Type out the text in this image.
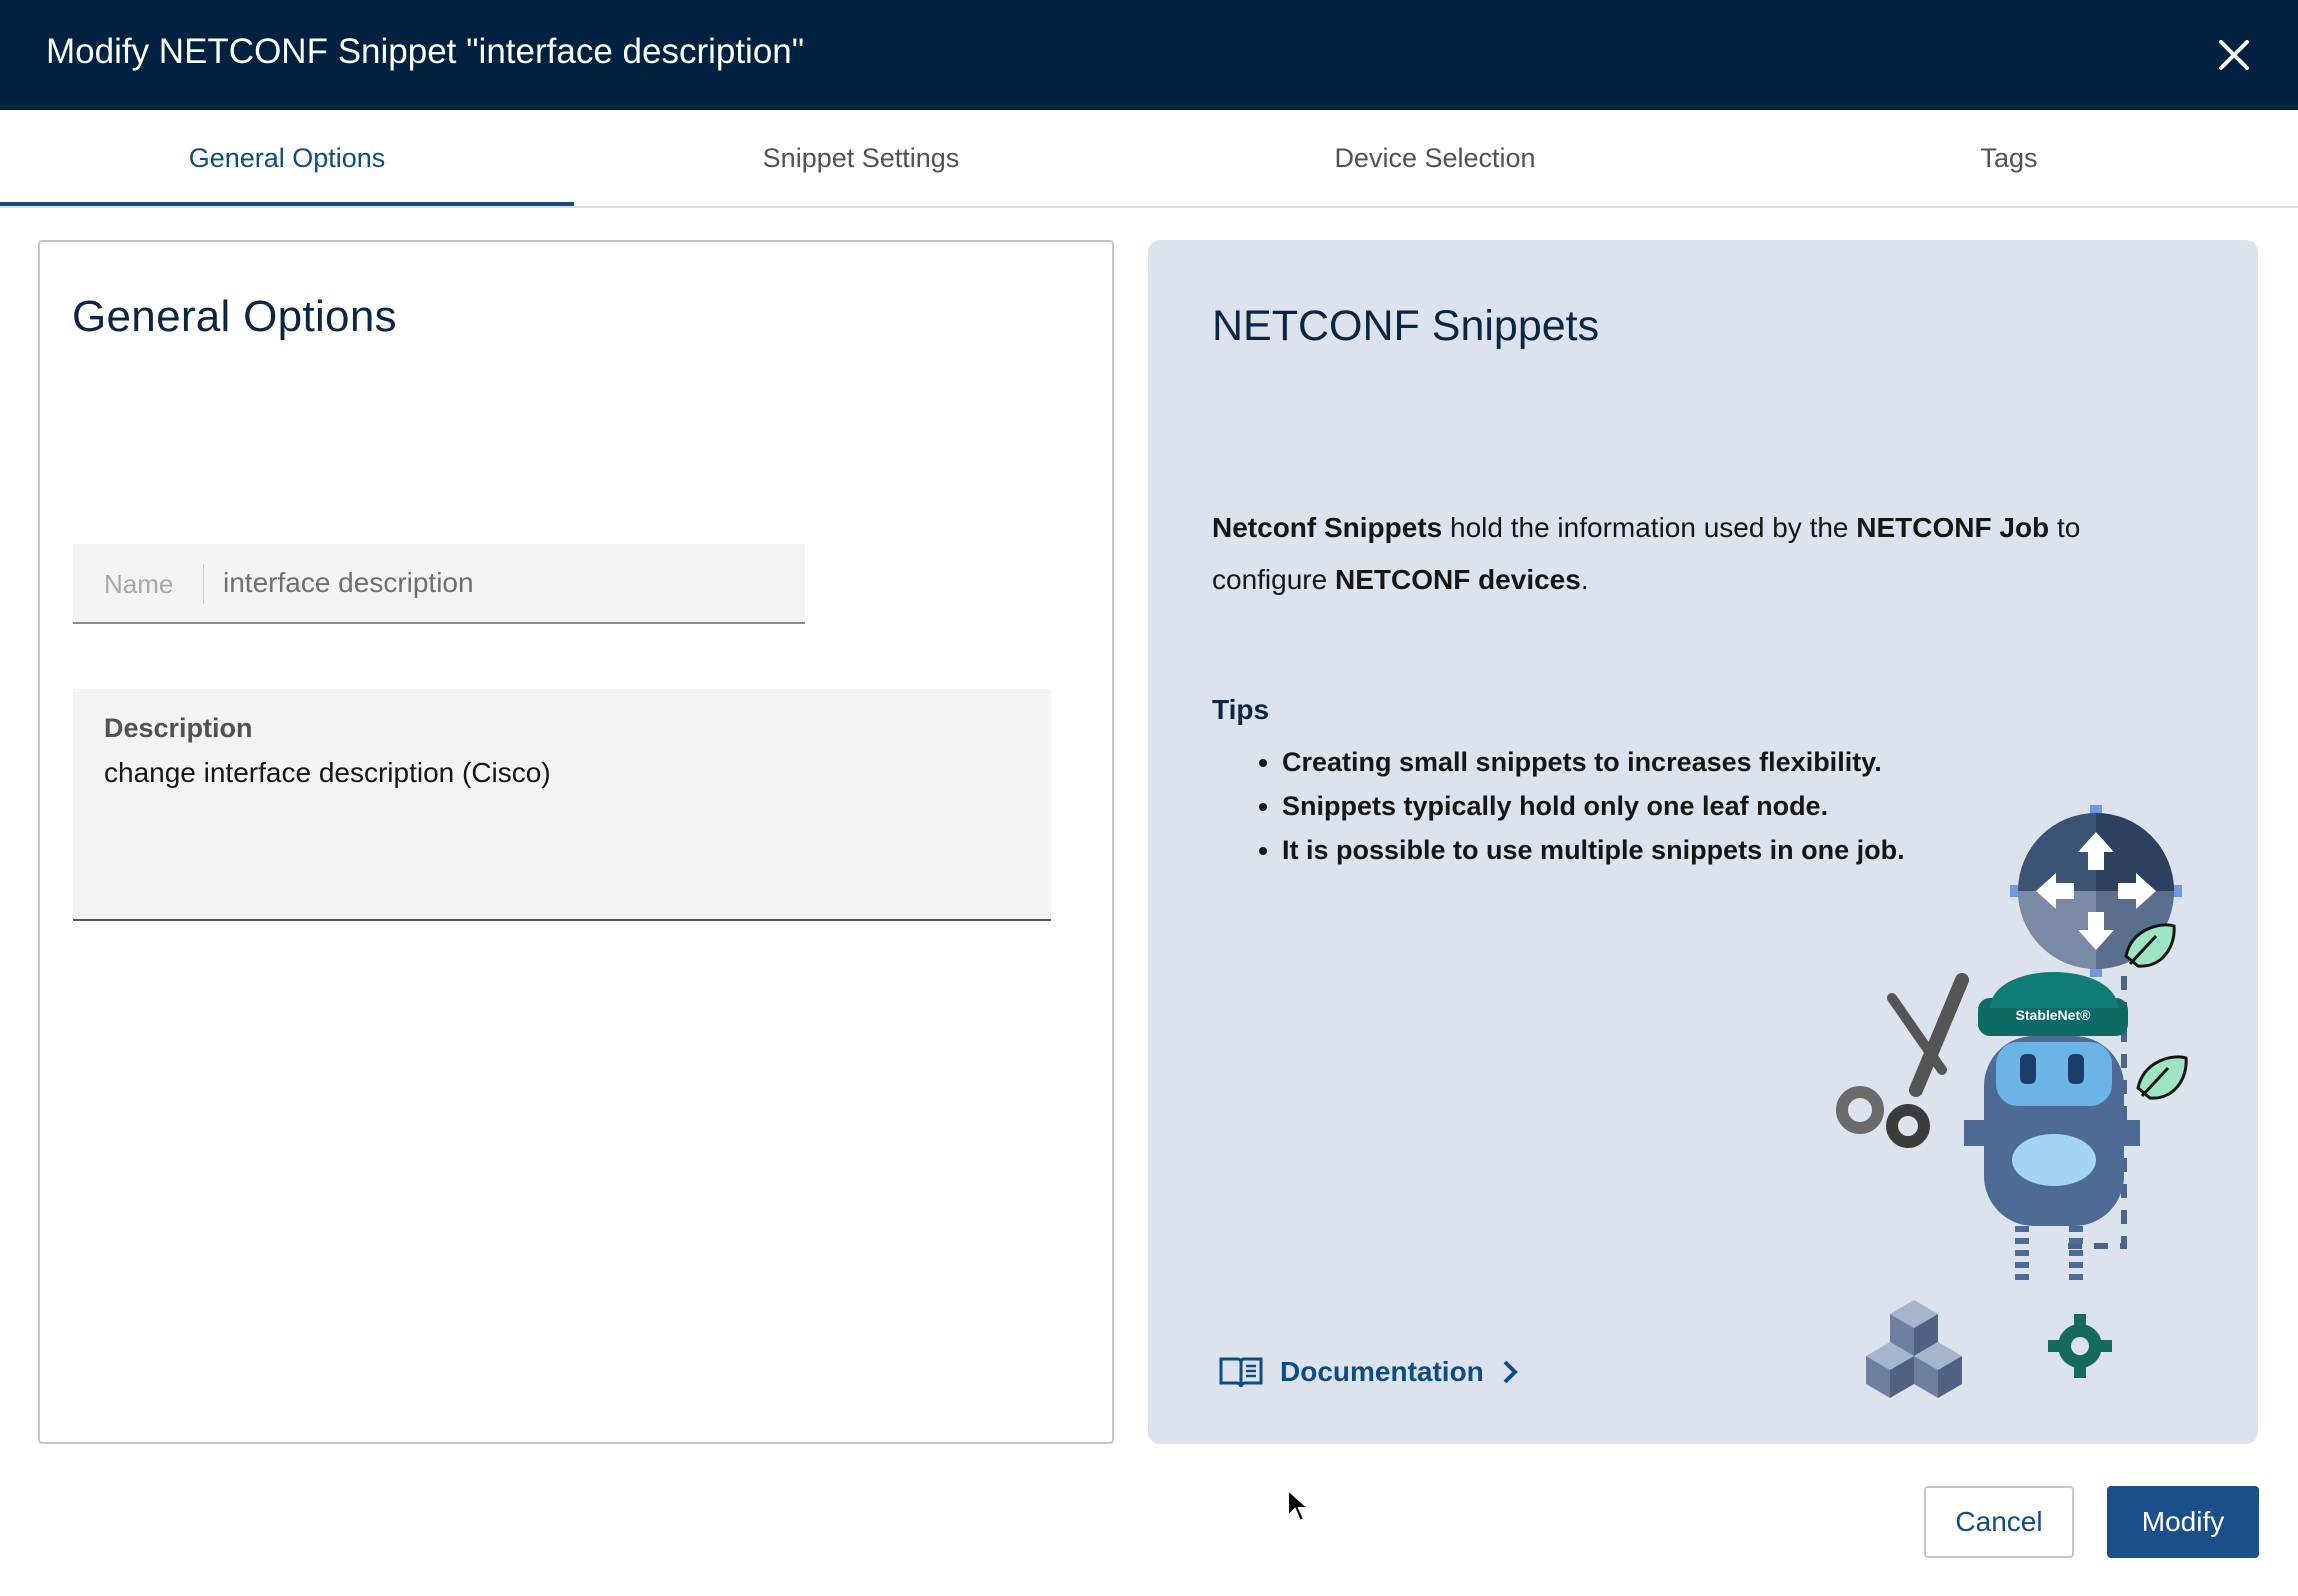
Modify NETCONF Snippet "interface description"
General Options	Snippet Settings	Device Selection	Tags
General Options
Name
interface description
Description
change interface description (Cisco)
NETCONF Snippets
Netconf Snippets hold the information used by the NETCONF Job to configure NETCONF devices.
Tips
• Creating small snippets to increases flexibility.
• Snippets typically hold only one leaf node.
• It is possible to use multiple snippets in one job.
StableNet®
Documentation
Cancel	Modify
